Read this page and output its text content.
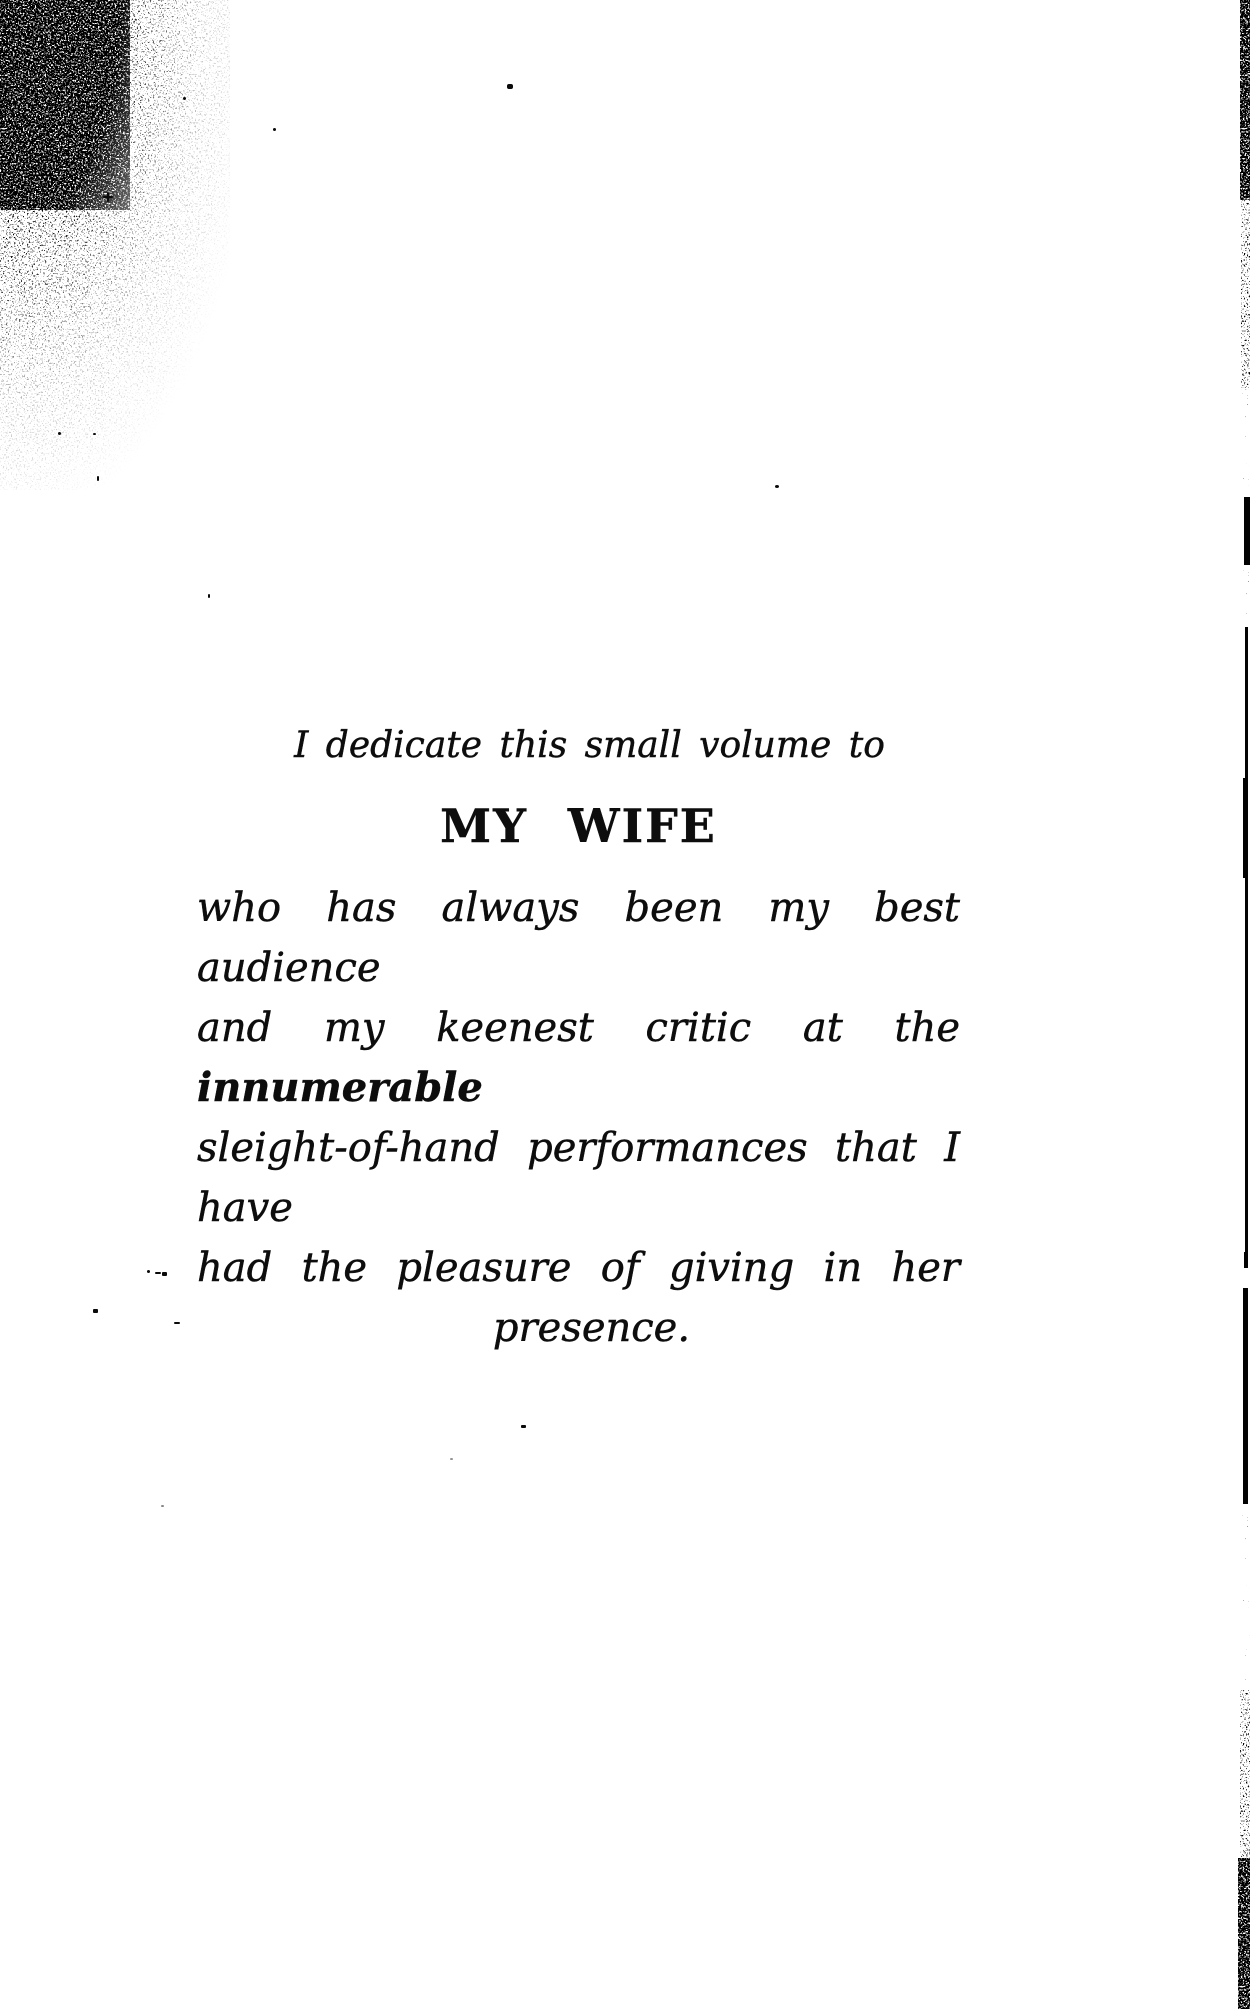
I dedicate this small volume to

MY WIFE

who has always been my best audience

and my keenest critic at the innumerable

sleight-of-hand performances that I have

had the pleasure of giving in her

presence.
